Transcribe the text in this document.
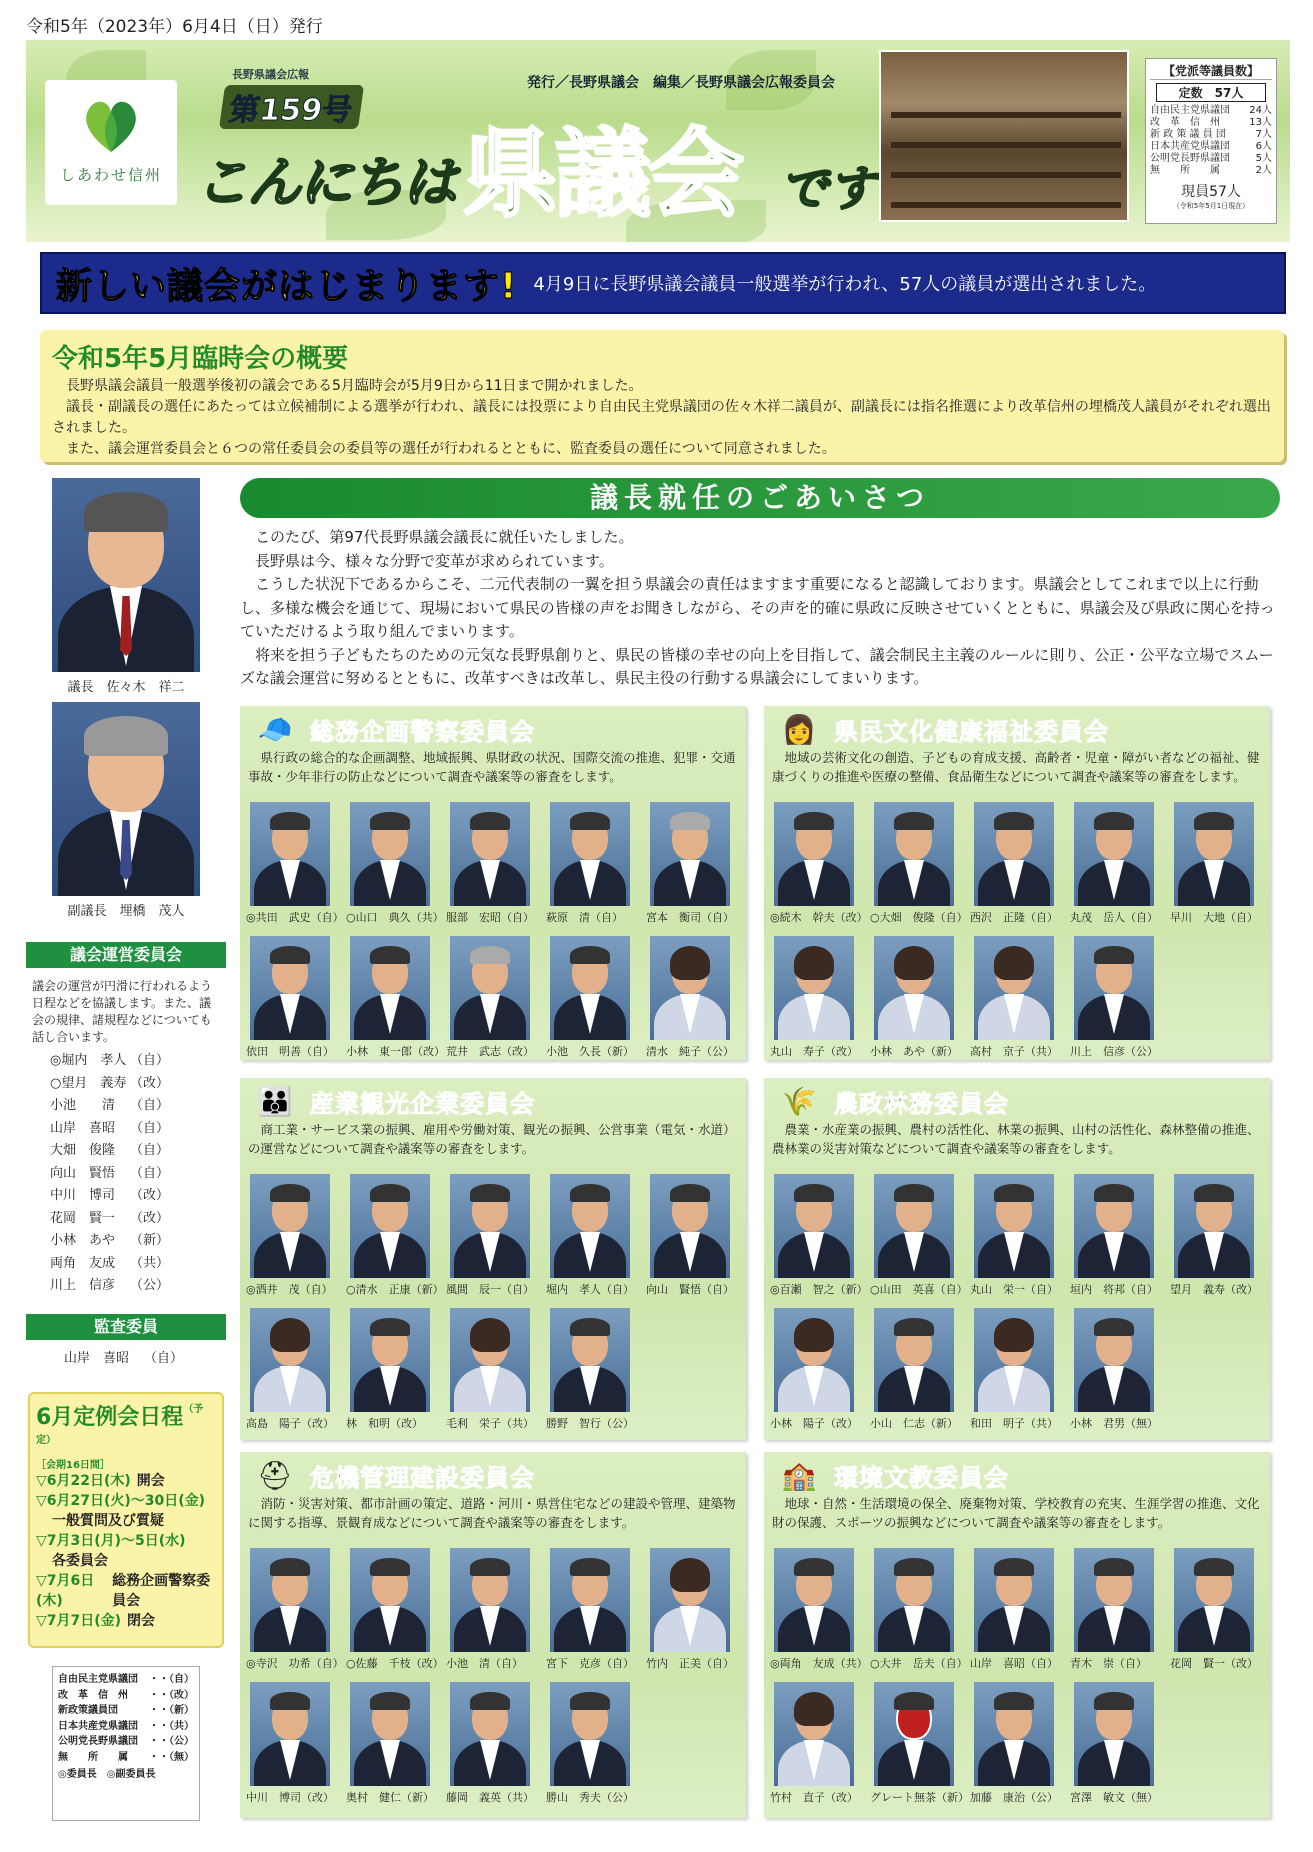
令和5年（2023年）6月4日（日）発行
しあわせ信州
長野県議会広報
第159号
こんにちは 県議会 です
発行／長野県議会　編集／長野県議会広報委員会
【党派等議員数】
定数　57人
自由民主党県議団 24人
改　革　信　州	13人
新 政 策 議 員 団	7人
日本共産党県議団	6人
公明党長野県議団	5人
無　　所　　属	2人
現員57人
（令和5年5月1日現在）
新しい議会がはじまります! 4月9日に長野県議会議員一般選挙が行われ、57人の議員が選出されました。
令和5年5月臨時会の概要

長野県議会議員一般選挙後初の議会である5月臨時会が5月9日から11日まで開かれました。

議長・副議長の選任にあたっては立候補制による選挙が行われ、議長には投票により自由民主党県議団の佐々木祥二議員が、副議長には指名推選により改革信州の埋橋茂人議員がそれぞれ選出されました。

また、議会運営委員会と６つの常任委員会の委員等の選任が行われるとともに、監査委員の選任について同意されました。

議長　佐々木　祥二
副議長　埋橋　茂人
議会運営委員会
議会の運営が円滑に行われるよう日程などを協議します。また、議会の規律、諸規程などについても話し合います。
◎堀内　孝人 （自）
○望月　義寿 （改）
小池　　清	（自）
山岸　喜昭	（自）
大畑　俊隆	（自）
向山　賢悟	（自）
中川　博司	（改）
花岡　賢一	（改）
小林　あや	（新）
両角　友成	（共）
川上　信彦	（公）
監査委員
山岸　喜昭	（自）
6月定例会日程$^{(予定)}$
［会期16日間］
▽6月22日(木) 開会
▽6月27日(火)〜30日(金)
一般質問及び質疑
▽7月3日(月)〜5日(水)
各委員会
▽7月6日(木)
総務企画警察委員会
▽7月7日(金) 閉会
自由民主党県議団 ・・（自）
改　革　信　州 ・・（改）
新政策議員団	・・（新）
日本共産党県議団 ・・（共）
公明党長野県議団 ・・（公）
無　　所　　属 ・・（無）
◎委員長　◎副委員長
議長就任のごあいさつ

このたび、第97代長野県議会議長に就任いたしました。

長野県は今、様々な分野で変革が求められています。

こうした状況下であるからこそ、二元代表制の一翼を担う県議会の責任はますます重要になると認識しております。県議会としてこれまで以上に行動し、多様な機会を通じて、現場において県民の皆様の声をお聞きしながら、その声を的確に県政に反映させていくとともに、県議会及び県政に関心を持っていただけるよう取り組んでまいります。

将来を担う子どもたちのための元気な長野県創りと、県民の皆様の幸せの向上を目指して、議会制民主主義のルールに則り、公正・公平な立場でスムーズな議会運営に努めるとともに、改革すべきは改革し、県民主役の行動する県議会にしてまいります。

🧢 総務企画警察委員会
県行政の総合的な企画調整、地域振興、県財政の状況、国際交流の推進、犯罪・交通事故・少年非行の防止などについて調査や議案等の審査をします。
◎共田　武史（自） ○山口　典久（共） 服部　宏昭（自）	萩原　清（自）	宮本　衡司（自）
依田　明善（自）	小林　東一郎（改） 荒井　武志（改）	小池　久長（新）	清水　純子（公）
👩 県民文化健康福祉委員会
地域の芸術文化の創造、子どもの育成支援、高齢者・児童・障がい者などの福祉、健康づくりの推進や医療の整備、食品衛生などについて調査や議案等の審査をします。
◎続木　幹夫（改） ○大畑　俊隆（自） 西沢　正隆（自）	丸茂　岳人（自）	早川　大地（自）
丸山　寿子（改）	小林　あや（新）	高村　京子（共）	川上　信彦（公）
👪 産業観光企業委員会
商工業・サービス業の振興、雇用や労働対策、観光の振興、公営事業（電気・水道）の運営などについて調査や議案等の審査をします。
◎酒井　茂（自）	○清水　正康（新） 風間　辰一（自）	堀内　孝人（自）	向山　賢悟（自）
高島　陽子（改）	林　和明（改）	毛利　栄子（共）	勝野　智行（公）
🌾 農政林務委員会
農業・水産業の振興、農村の活性化、林業の振興、山村の活性化、森林整備の推進、農林業の災害対策などについて調査や議案等の審査をします。
◎百瀬　智之（新） ○山田　英喜（自） 丸山　栄一（自）	垣内　将邦（自）	望月　義寿（改）
小林　陽子（改）	小山　仁志（新）	和田　明子（共）	小林　君男（無）
⛑ 危機管理建設委員会
消防・災害対策、都市計画の策定、道路・河川・県営住宅などの建設や管理、建築物に関する指導、景観育成などについて調査や議案等の審査をします。
◎寺沢　功希（自） ○佐藤　千枝（改） 小池　清（自）	宮下　克彦（自）	竹内　正美（自）
中川　博司（改）	奥村　健仁（新）	藤岡　義英（共）	勝山　秀夫（公）
🏫 環境文教委員会
地球・自然・生活環境の保全、廃棄物対策、学校教育の充実、生涯学習の推進、文化財の保護、スポーツの振興などについて調査や議案等の審査をします。
◎両角　友成（共） ○大井　岳夫（自） 山岸　喜昭（自）	青木　崇（自）	花岡　賢一（改）
竹村　直子（改）	グレート無茶（新） 加藤　康治（公）	宮澤　敏文（無）
